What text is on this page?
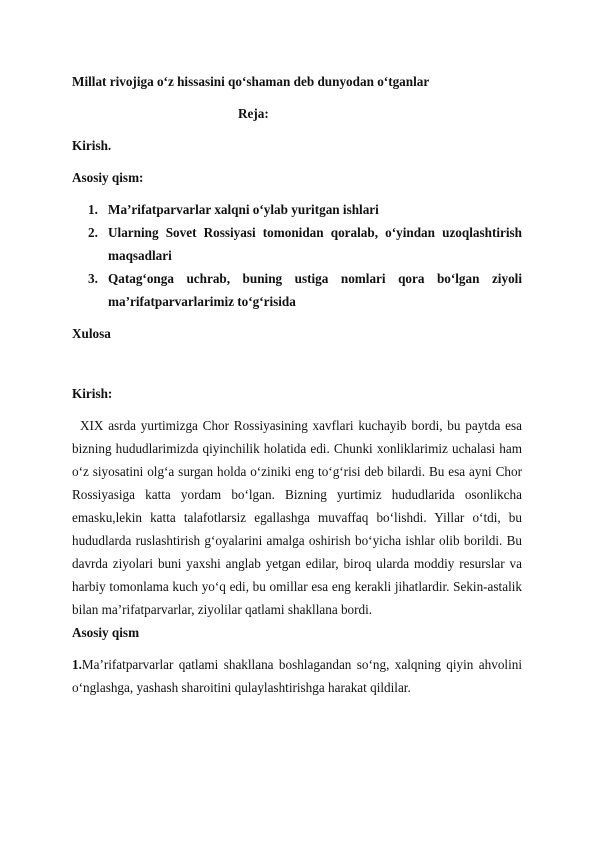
Millat rivojiga o‘z hissasini qo‘shaman deb dunyodan o‘tganlar
Reja:
Kirish.
Asosiy qism:
1. Ma’rifatparvarlar xalqni o‘ylab yuritgan ishlari
2. Ularning Sovet Rossiyasi tomonidan qoralab, o‘yindan uzoqlashtirish maqsadlari
3. Qatag‘onga uchrab, buning ustiga nomlari qora bo‘lgan ziyoli ma’rifatparvarlarimiz to‘g‘risida
Xulosa
Kirish:

XIX asrda yurtimizga Chor Rossiyasining xavflari kuchayib bordi, bu paytda esa bizning hududlarimizda qiyinchilik holatida edi. Chunki xonliklarimiz uchalasi ham o‘z siyosatini olg‘a surgan holda o‘ziniki eng to‘g‘risi deb bilardi. Bu esa ayni Chor Rossiyasiga katta yordam bo‘lgan. Bizning yurtimiz hududlarida osonlikcha emasku,lekin katta talafotlarsiz egallashga muvaffaq bo‘lishdi. Yillar o‘tdi, bu hududlarda ruslashtirish g‘oyalarini amalga oshirish bo‘yicha ishlar olib borildi. Bu davrda ziyolari buni yaxshi anglab yetgan edilar, biroq ularda moddiy resurslar va harbiy tomonlama kuch yo‘q edi, bu omillar esa eng kerakli jihatlardir. Sekin-astalik bilan ma’rifatparvarlar, ziyolilar qatlami shakllana bordi.

Asosiy qism

1.Ma’rifatparvarlar qatlami shakllana boshlagandan so‘ng, xalqning qiyin ahvolini o‘nglashga, yashash sharoitini qulaylashtirishga harakat qildilar.
